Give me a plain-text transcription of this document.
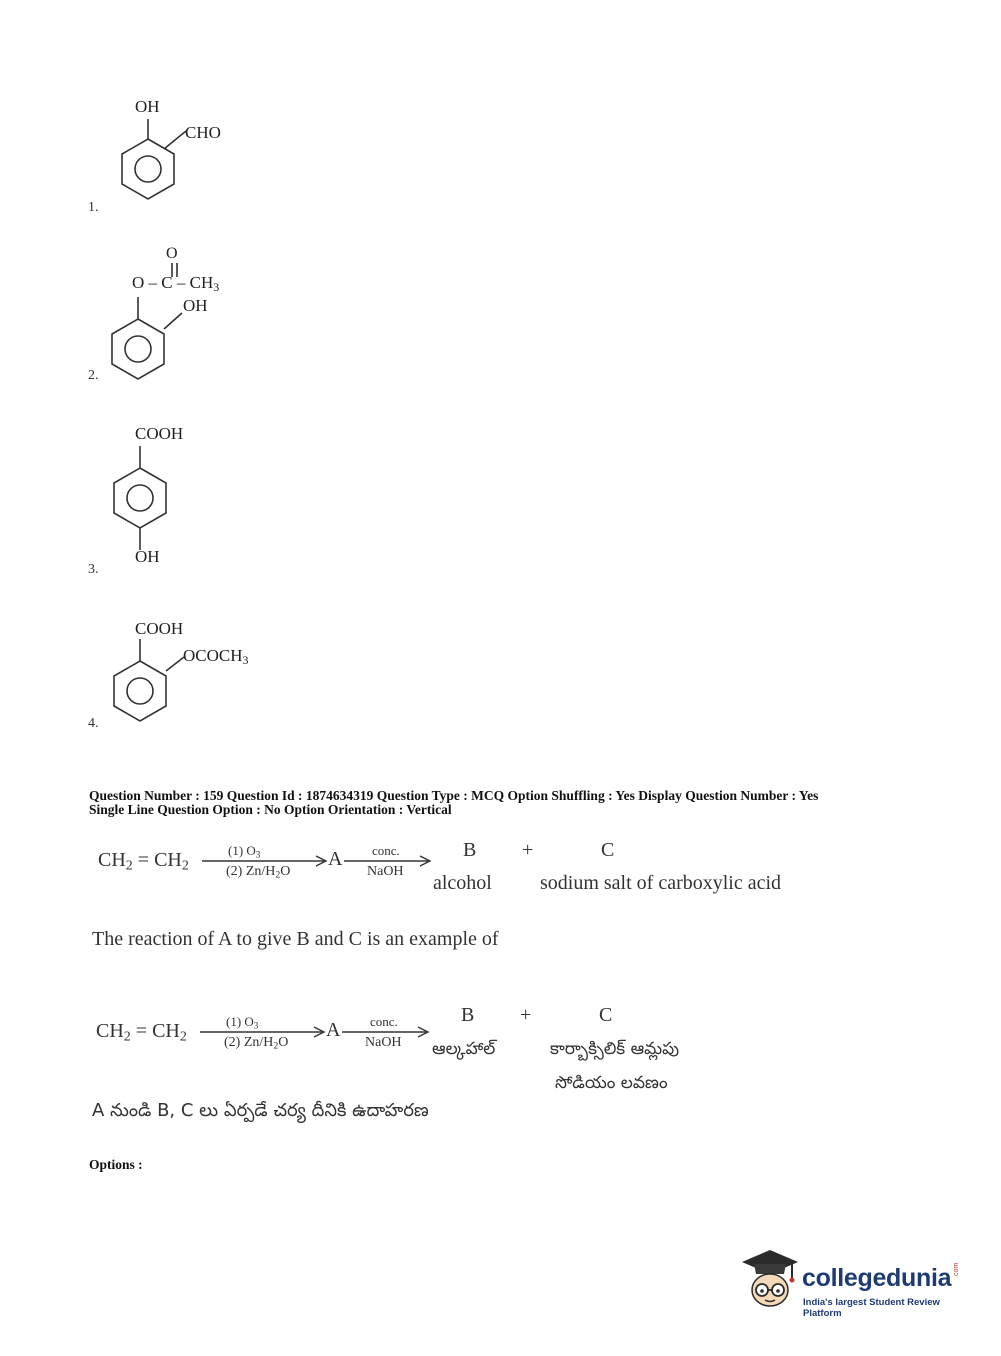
OH
CHO
1.
O
O – C – $CH_3$
OH
2.
COOH
OH
3.
COOH
$OCOCH_3$
4.
Question Number : 159 Question Id : 1874634319 Question Type : MCQ Option Shuffling : Yes Display Question Number : Yes
Single Line Question Option : No Option Orientation : Vertical
$CH_2 = CH_2$
(1) $O_3$
(2) $Zn/H_2O$
A conc.
NaOH
B +	C
alcohol sodium salt of carboxylic acid
The reaction of A to give B and C is an example of
$CH_2 = CH_2$
(1) $O_3$
(2) $Zn/H_2O$
A conc.
NaOH
B +	C
ఆల్కహాల్	కార్బాక్సిలిక్ ఆమ్లపు
సోడియం లవణం
A నుండి B, C లు ఏర్పడే చర్య దీనికి ఉదాహరణ
Options :
collegedunia .com
India's largest Student Review Platform
